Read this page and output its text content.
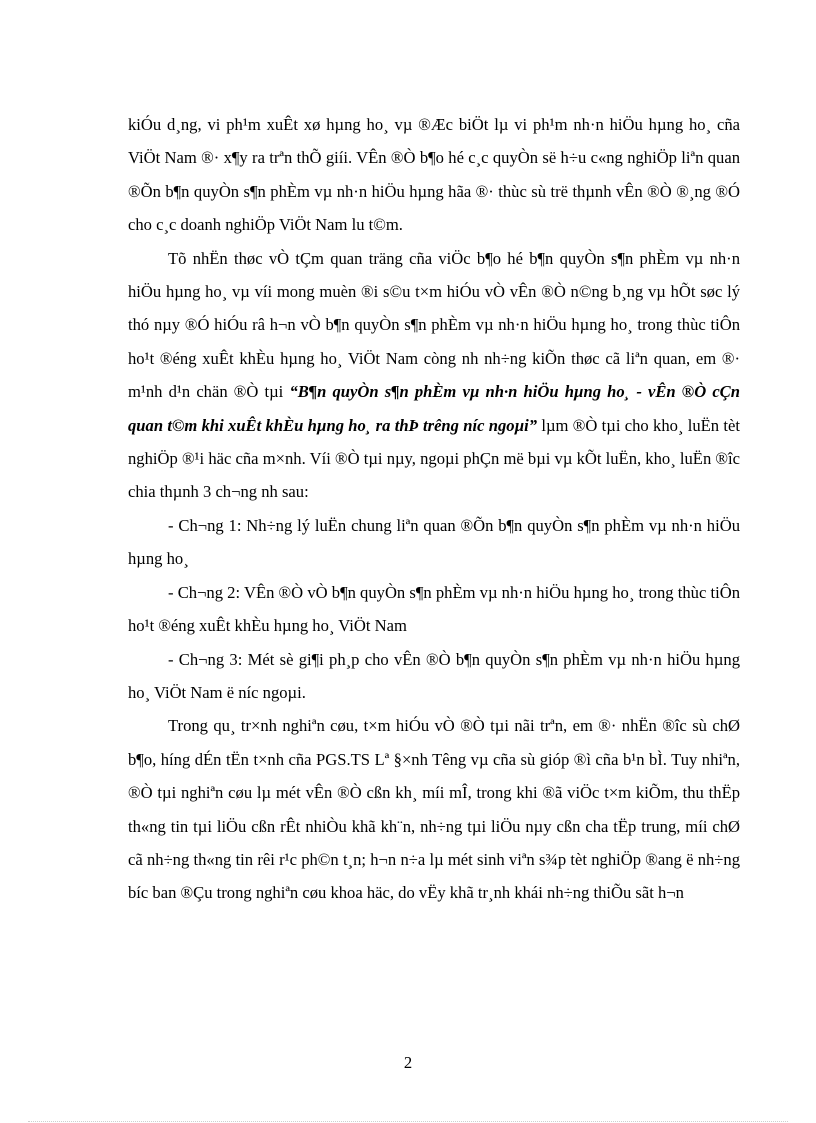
kiÓu d¸ng, vi ph¹m xuÊt xø hµng ho¸ vµ ®Æc biÖt lµ vi ph¹m nh·n hiÖu hµng ho¸ cña ViÖt Nam ®· x¶y ra trªn thÕ giíi. VÊn ®Ò b¶o hé c¸c quyÒn së h÷u c«ng nghiÖp liªn quan ®Õn b¶n quyÒn s¶n phÈm vµ nh·n hiÖu hµng hãa ®· thùc sù trë thµnh vÊn ®Ò ®¸ng ®Ó cho c¸c doanh nghiÖp ViÖt Nam lu t©m.

Tõ nhËn thøc vÒ tÇm quan träng cña viÖc b¶o hé b¶n quyÒn s¶n phÈm vµ nh·n hiÖu hµng ho¸ vµ víi mong muèn ®i s©u t×m hiÓu vÒ vÊn ®Ò n©ng b¸ng vµ hÕt søc lý thó nµy ®Ó hiÓu râ h¬n vÒ b¶n quyÒn s¶n phÈm vµ nh·n hiÖu hµng ho¸ trong thùc tiÔn ho¹t ®éng xuÊt khÈu hµng ho¸ ViÖt Nam còng nh nh÷ng kiÕn thøc cã liªn quan, em ®· m¹nh d¹n chän ®Ò tµi “B¶n quyÒn s¶n phÈm vµ nh·n hiÖu hµng ho¸ - vÊn ®Ò cÇn quan t©m khi xuÊt khÈu hµng ho¸ ra thÞ trêng níc ngoµi” lµm ®Ò tµi cho kho¸ luËn tèt nghiÖp ®¹i häc cña m×nh. Víi ®Ò tµi nµy, ngoµi phÇn më bµi vµ kÕt luËn, kho¸ luËn ®îc chia thµnh 3 ch¬ng nh sau:

- Ch¬ng 1: Nh÷ng lý luËn chung liªn quan ®Õn b¶n quyÒn s¶n phÈm vµ nh·n hiÖu hµng ho¸

- Ch¬ng 2: VÊn ®Ò vÒ b¶n quyÒn s¶n phÈm vµ nh·n hiÖu hµng ho¸ trong thùc tiÔn ho¹t ®éng xuÊt khÈu hµng ho¸ ViÖt Nam

- Ch¬ng 3: Mét sè gi¶i ph¸p cho vÊn ®Ò b¶n quyÒn s¶n phÈm vµ nh·n hiÖu hµng ho¸ ViÖt Nam ë níc ngoµi.

Trong qu¸ tr×nh nghiªn cøu, t×m hiÓu vÒ ®Ò tµi nãi trªn, em ®· nhËn ®îc sù chØ b¶o, híng dÉn tËn t×nh cña PGS.TS Lª §×nh Têng vµ cña sù gióp ®ì cña b¹n bÌ. Tuy nhiªn, ®Ò tµi nghiªn cøu lµ mét vÊn ®Ò cßn kh¸ míi mÎ, trong khi ®ã viÖc t×m kiÕm, thu thËp th«ng tin tµi liÖu cßn rÊt nhiÒu khã kh¨n, nh÷ng tµi liÖu nµy cßn cha tËp trung, míi chØ cã nh÷ng th«ng tin rêi r¹c ph©n t¸n; h¬n n÷a lµ mét sinh viªn s¾p tèt nghiÖp ®ang ë nh÷ng bíc ban ®Çu trong nghiªn cøu khoa häc, do vËy khã tr¸nh khái nh÷ng thiÕu sãt h¬n

2
